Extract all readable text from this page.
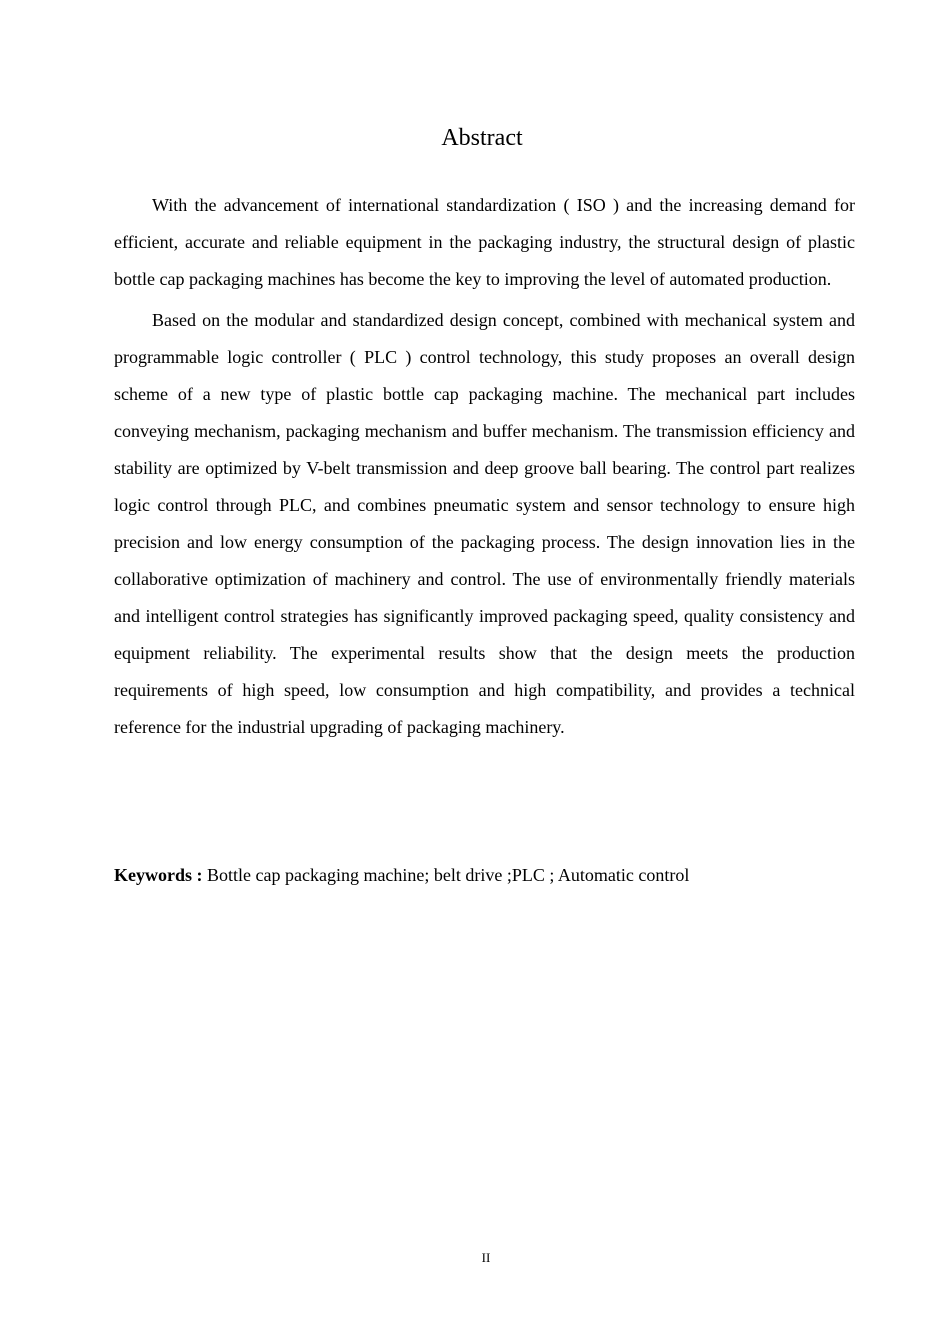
Abstract

With the advancement of international standardization ( ISO ) and the increasing demand for efficient, accurate and reliable equipment in the packaging industry, the structural design of plastic bottle cap packaging machines has become the key to improving the level of automated production.

Based on the modular and standardized design concept, combined with mechanical system and programmable logic controller ( PLC ) control technology, this study proposes an overall design scheme of a new type of plastic bottle cap packaging machine. The mechanical part includes conveying mechanism, packaging mechanism and buffer mechanism. The transmission efficiency and stability are optimized by V-belt transmission and deep groove ball bearing. The control part realizes logic control through PLC, and combines pneumatic system and sensor technology to ensure high precision and low energy consumption of the packaging process. The design innovation lies in the collaborative optimization of machinery and control. The use of environmentally friendly materials and intelligent control strategies has significantly improved packaging speed, quality consistency and equipment reliability. The experimental results show that the design meets the production requirements of high speed, low consumption and high compatibility, and provides a technical reference for the industrial upgrading of packaging machinery.

Keywords : Bottle cap packaging machine; belt drive ;PLC ; Automatic control

II
